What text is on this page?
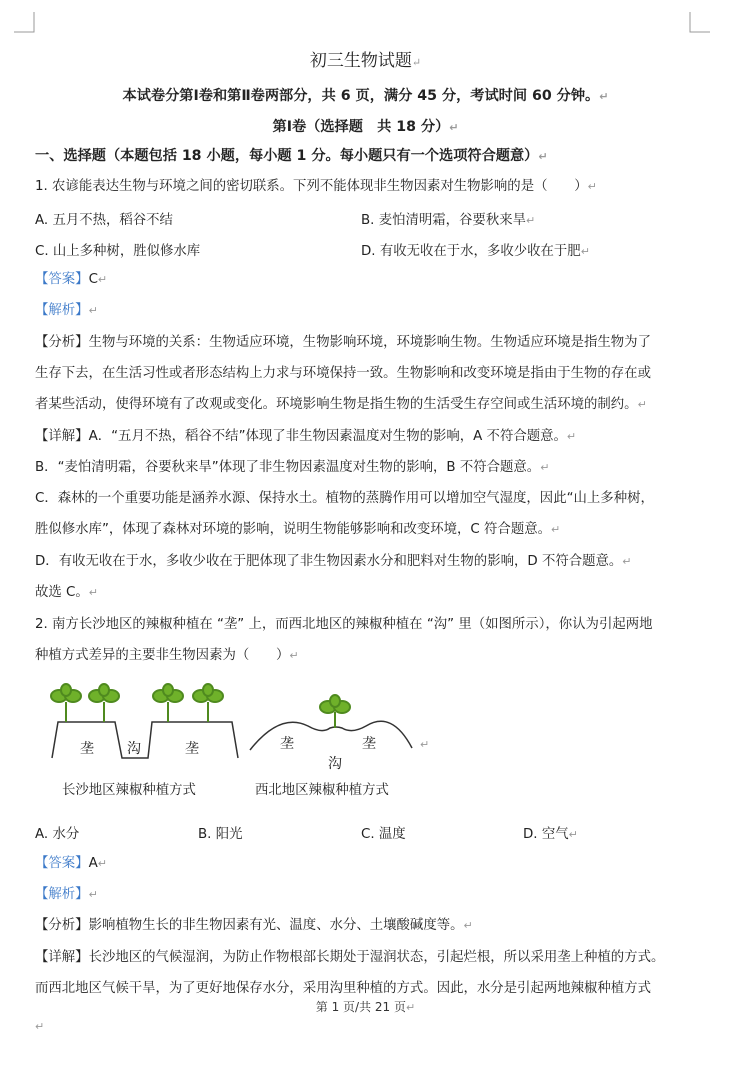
初三生物试题↵
本试卷分第Ⅰ卷和第Ⅱ卷两部分，共 6 页，满分 45 分，考试时间 60 分钟。↵
第Ⅰ卷（选择题　共 18 分）↵
一、选择题（本题包括 18 小题，每小题 1 分。每小题只有一个选项符合题意）↵
1. 农谚能表达生物与环境之间的密切联系。下列不能体现非生物因素对生物影响的是（　　）↵
A. 五月不热，稻谷不结	B. 麦怕清明霜，谷要秋来旱↵
C. 山上多种树，胜似修水库	D. 有收无收在于水，多收少收在于肥↵
【答案】C↵
【解析】↵
【分析】生物与环境的关系：生物适应环境，生物影响环境，环境影响生物。生物适应环境是指生物为了
生存下去，在生活习性或者形态结构上力求与环境保持一致。生物影响和改变环境是指由于生物的存在或
者某些活动，使得环境有了改观或变化。环境影响生物是指生物的生活受生存空间或生活环境的制约。↵
【详解】A．“五月不热，稻谷不结”体现了非生物因素温度对生物的影响，A 不符合题意。↵
B．“麦怕清明霜，谷要秋来旱”体现了非生物因素温度对生物的影响，B 不符合题意。↵
C．森林的一个重要功能是涵养水源、保持水土。植物的蒸腾作用可以增加空气湿度，因此“山上多种树，
胜似修水库”，体现了森林对环境的影响，说明生物能够影响和改变环境，C 符合题意。↵
D．有收无收在于水，多收少收在于肥体现了非生物因素水分和肥料对生物的影响，D 不符合题意。↵
故选 C。↵
2. 南方长沙地区的辣椒种植在 “垄” 上，而西北地区的辣椒种植在 “沟” 里（如图所示），你认为引起两地
种植方式差异的主要非生物因素为（　　）↵
垄 沟	垄
长沙地区辣椒种植方式
垄	垄
沟
西北地区辣椒种植方式
↵
A. 水分	B. 阳光	C. 温度	D. 空气↵
【答案】A↵
【解析】↵
【分析】影响植物生长的非生物因素有光、温度、水分、土壤酸碱度等。↵
【详解】长沙地区的气候湿润，为防止作物根部长期处于湿润状态，引起烂根，所以采用垄上种植的方式。
而西北地区气候干旱，为了更好地保存水分，采用沟里种植的方式。因此，水分是引起两地辣椒种植方式
第 1 页/共 21 页↵
↵
